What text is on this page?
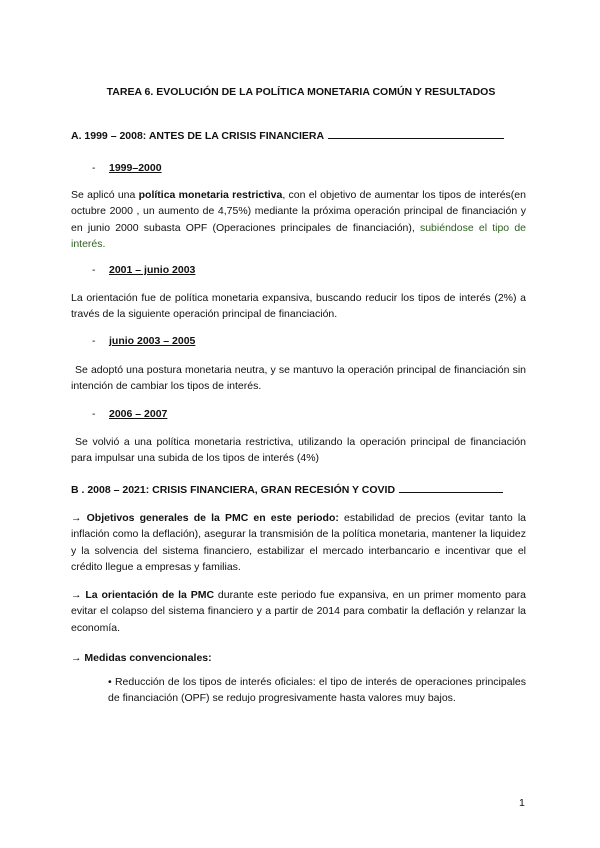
TAREA 6. EVOLUCIÓN DE LA POLÍTICA MONETARIA COMÚN Y RESULTADOS
A. 1999 – 2008: ANTES DE LA CRISIS FINANCIERA
- 1999–2000
Se aplicó una política monetaria restrictiva, con el objetivo de aumentar los tipos de interés(en octubre 2000 , un aumento de 4,75%) mediante la próxima operación principal de financiación y en junio 2000 subasta OPF (Operaciones principales de financiación), subiéndose el tipo de interés.
- 2001 – junio 2003
La orientación fue de política monetaria expansiva, buscando reducir los tipos de interés (2%) a través de la siguiente operación principal de financiación.
- junio 2003 – 2005
Se adoptó una postura monetaria neutra, y se mantuvo la operación principal de financiación sin intención de cambiar los tipos de interés.
- 2006 – 2007
Se volvió a una política monetaria restrictiva, utilizando la operación principal de financiación para impulsar una subida de los tipos de interés (4%)
B . 2008 – 2021: CRISIS FINANCIERA, GRAN RECESIÓN Y COVID
→ Objetivos generales de la PMC en este periodo: estabilidad de precios (evitar tanto la inflación como la deflación), asegurar la transmisión de la política monetaria, mantener la liquidez y la solvencia del sistema financiero, estabilizar el mercado interbancario e incentivar que el crédito llegue a empresas y familias.
→ La orientación de la PMC durante este periodo fue expansiva, en un primer momento para evitar el colapso del sistema financiero y a partir de 2014 para combatir la deflación y relanzar la economía.
→ Medidas convencionales:
• Reducción de los tipos de interés oficiales: el tipo de interés de operaciones principales de financiación (OPF) se redujo progresivamente hasta valores muy bajos.
1
